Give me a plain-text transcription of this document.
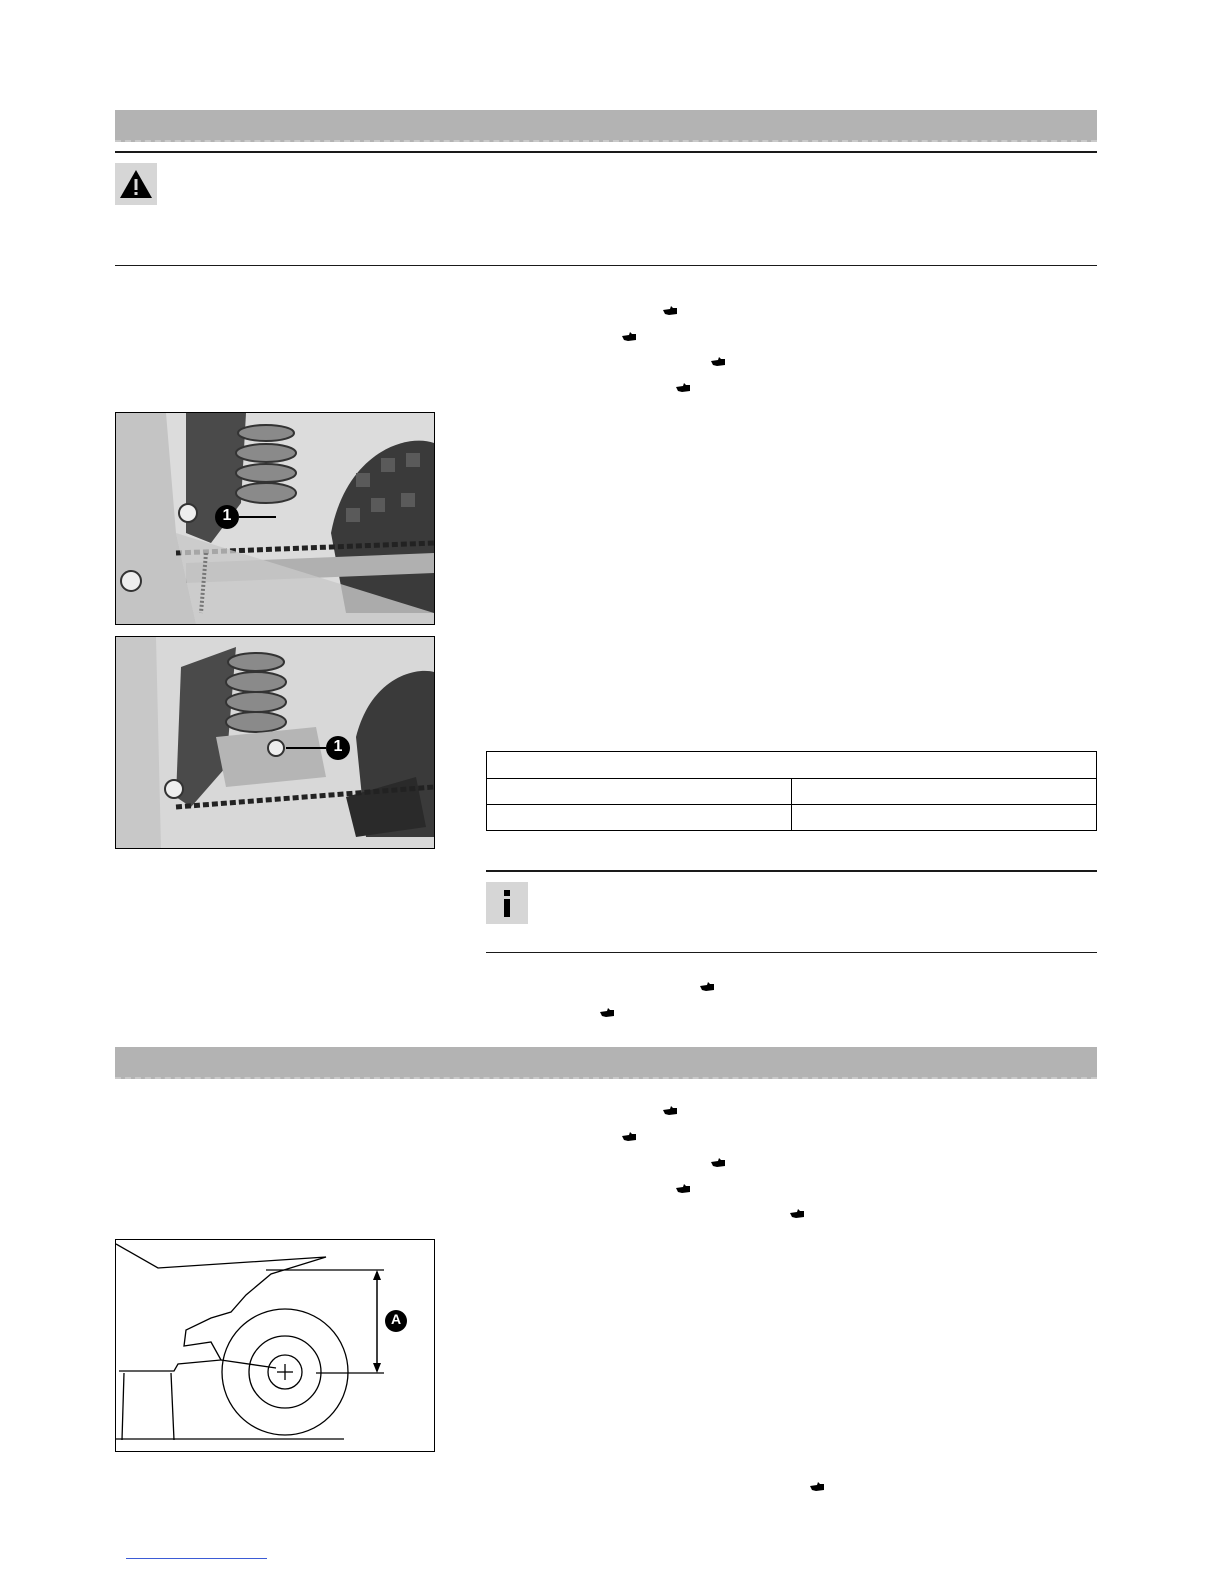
1
1

A
